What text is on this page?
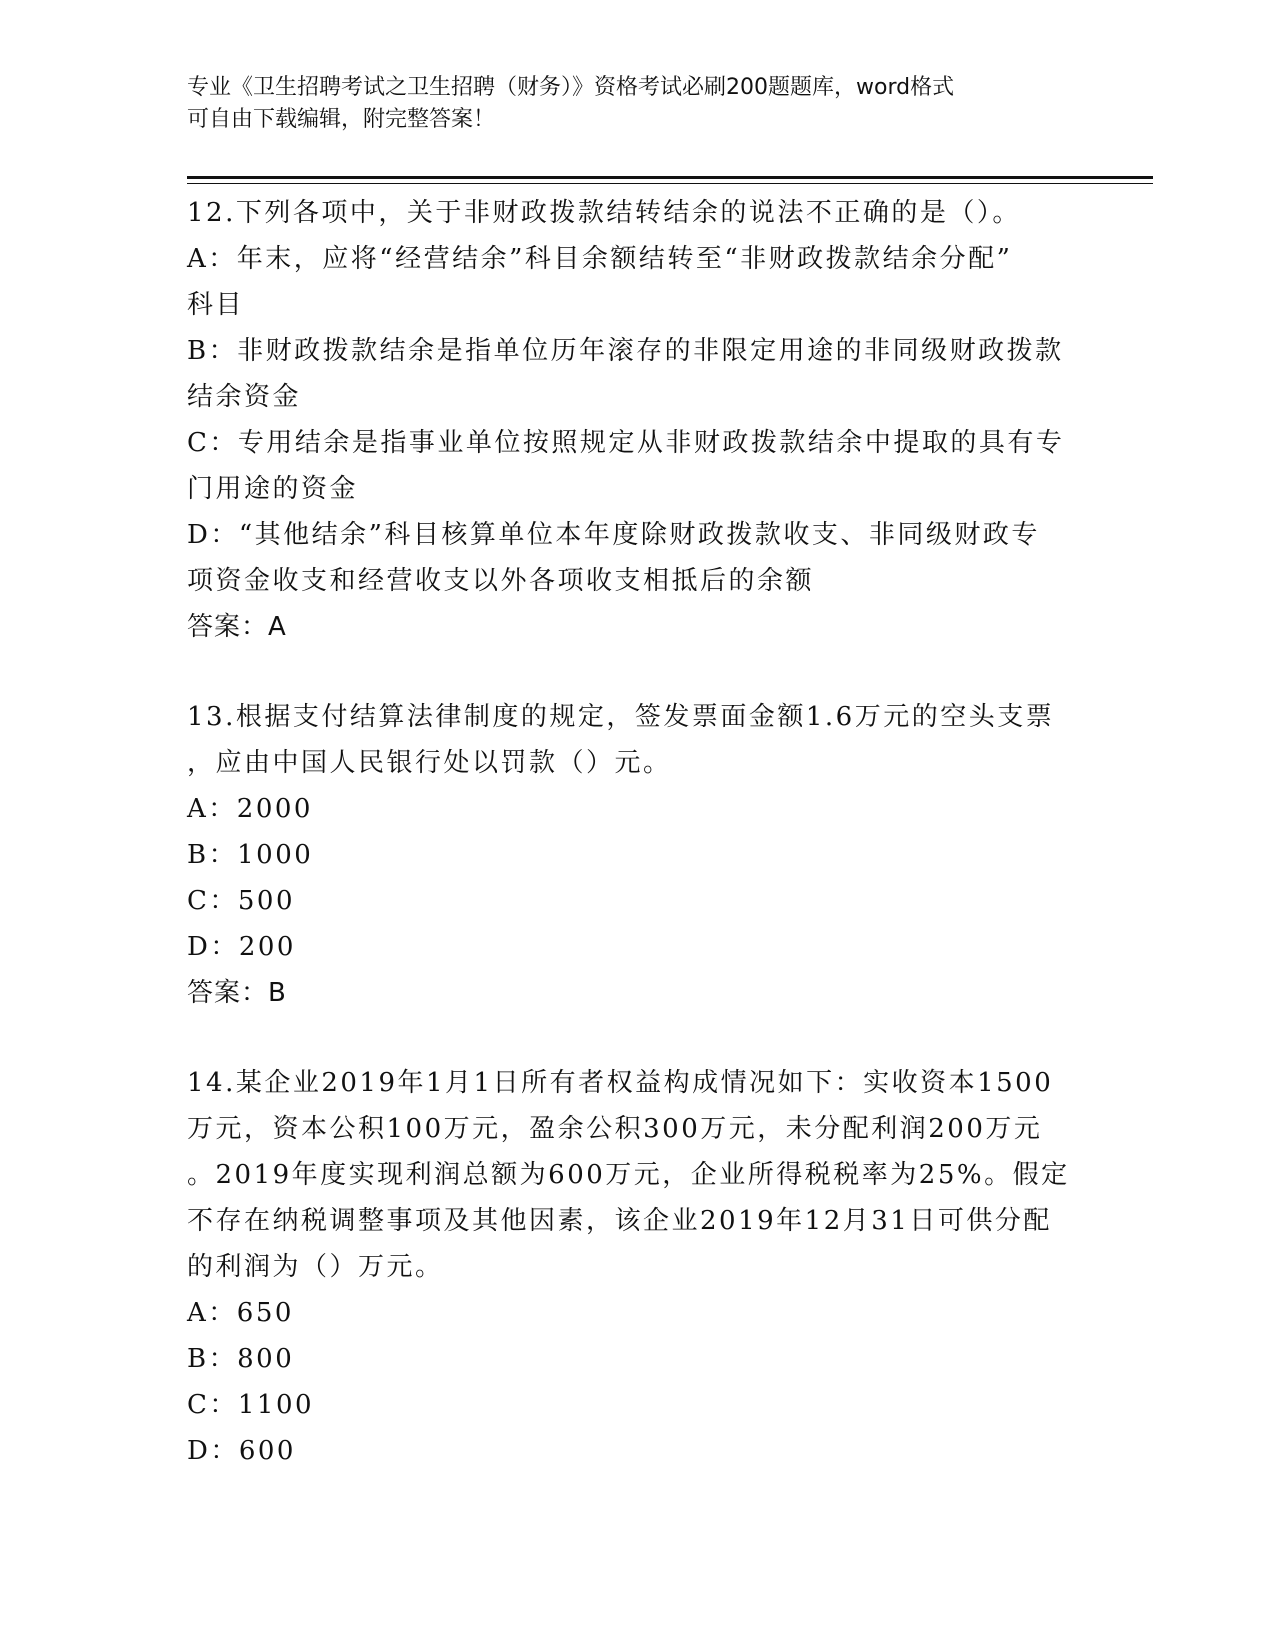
专业《卫生招聘考试之卫生招聘（财务）》资格考试必刷200题题库，word格式
可自由下载编辑，附完整答案！
12.下列各项中，关于非财政拨款结转结余的说法不正确的是（）。
A：年末，应将“经营结余”科目余额结转至“非财政拨款结余分配”
科目
B：非财政拨款结余是指单位历年滚存的非限定用途的非同级财政拨款
结余资金
C：专用结余是指事业单位按照规定从非财政拨款结余中提取的具有专
门用途的资金
D：“其他结余”科目核算单位本年度除财政拨款收支、非同级财政专
项资金收支和经营收支以外各项收支相抵后的余额
答案：A
13.根据支付结算法律制度的规定，签发票面金额1.6万元的空头支票
，应由中国人民银行处以罚款（）元。
A：2000
B：1000
C：500
D：200
答案：B
14.某企业2019年1月1日所有者权益构成情况如下：实收资本1500
万元，资本公积100万元，盈余公积300万元，未分配利润200万元
。2019年度实现利润总额为600万元，企业所得税税率为25%。假定
不存在纳税调整事项及其他因素，该企业2019年12月31日可供分配
的利润为（）万元。
A：650
B：800
C：1100
D：600
